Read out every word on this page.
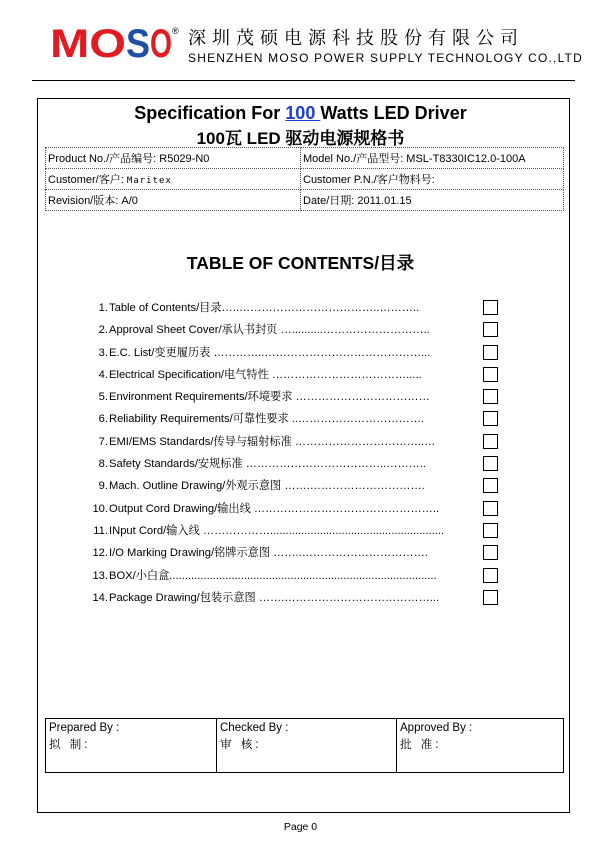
MO S O ® 深圳茂硕电源科技股份有限公司
SHENZHEN MOSO POWER SUPPLY TECHNOLOGY CO.,LTD
Specification For 100 Watts LED Driver
100瓦 LED 驱动电源规格书
Product No./产品编号: R5029-N0	Model No./产品型号: MSL-T8330IC12.0-100A
Customer/客户: Maritex	Customer P.N./客户物料号:
Revision/版本: A/0	Date/日期: 2011.01.15
TABLE OF CONTENTS/目录
1. Table of Contents/目录…..………………………………..………..
2. Approval Sheet Cover/承认书封页 …..........………………………..
3. E.C. List/变更履历表 …………..……………………………………...
4. Electrical Specification/电气特性 ……………………………….....
5. Environment Requirements/环境要求 ………………………………
6. Reliability Requirements/可靠性要求 ..…………………………….
7. EMI/EMS Standards/传导与辐射标准 ……………………………..…
8. Safety Standards/安规标准 ………………………………..………..
9. Mach. Outline Drawing/外观示意图 …….………………………….
10. Output Cord Drawing/输出线 …………………………………………..
11. INput Cord/输入线 ………………........................................................
12. I/O Marking Drawing/铭牌示意图 ……..…………………………….
13. BOX/小白盒......................................................................................
14. Package Drawing/包装示意图 …….…………………………………...
Prepared By :
拟 制:
	Checked By :
审 核:
	Approved By :
批 准:
Page 0
